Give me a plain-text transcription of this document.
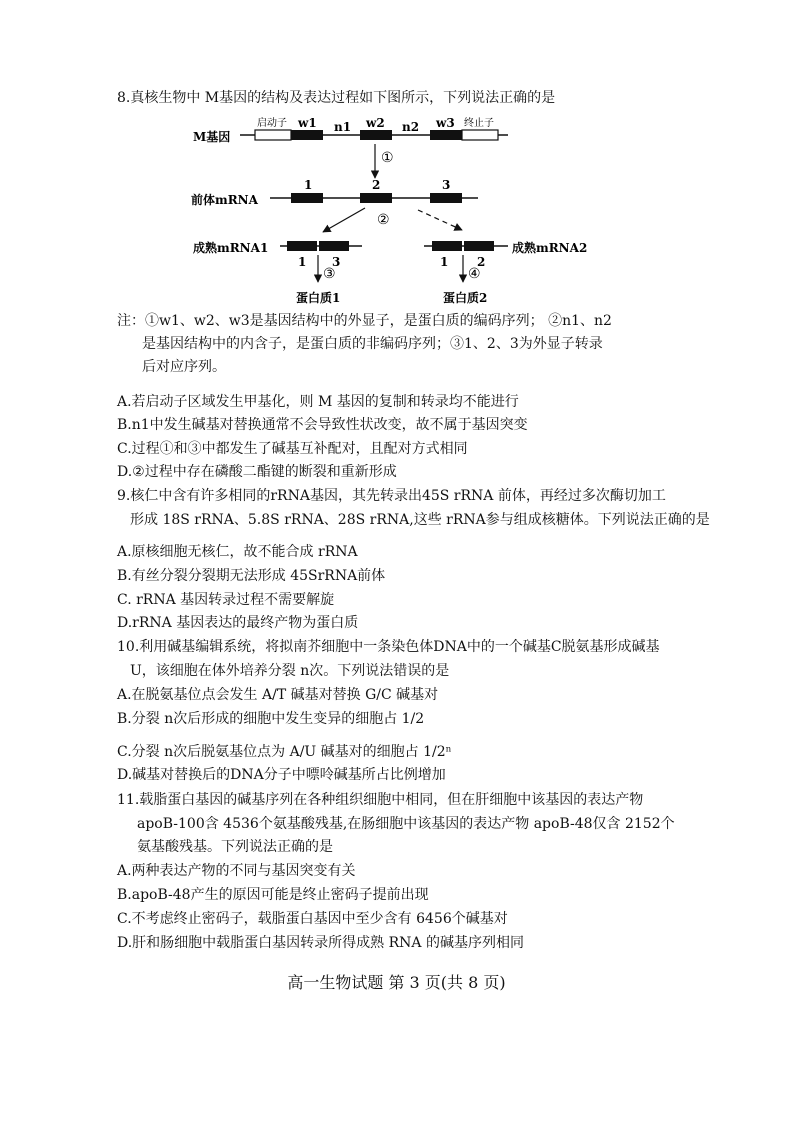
8.真核生物中 M基因的结构及表达过程如下图所示，下列说法正确的是
M基因
启动子 w1 n1 w2 n2 w3 终止子
①
前体mRNA
1	2	3
②
成熟mRNA1
1 3
成熟mRNA2
1 2
③	④
蛋白质1	蛋白质2
注：①w1、w2、w3是基因结构中的外显子，是蛋白质的编码序列； ②n1、n2
是基因结构中的内含子，是蛋白质的非编码序列；③1、2、3为外显子转录
后对应序列。
A.若启动子区域发生甲基化，则 M 基因的复制和转录均不能进行
B.n1中发生碱基对替换通常不会导致性状改变，故不属于基因突变
C.过程①和③中都发生了碱基互补配对，且配对方式相同
D.②过程中存在磷酸二酯键的断裂和重新形成
9.核仁中含有许多相同的rRNA基因，其先转录出45S rRNA 前体，再经过多次酶切加工
形成 18S rRNA、5.8S rRNA、28S rRNA,这些 rRNA参与组成核糖体。下列说法正确的是
A.原核细胞无核仁，故不能合成 rRNA
B.有丝分裂分裂期无法形成 45SrRNA前体
C. rRNA 基因转录过程不需要解旋
D.rRNA 基因表达的最终产物为蛋白质
10.利用碱基编辑系统，将拟南芥细胞中一条染色体DNA中的一个碱基C脱氨基形成碱基
U，该细胞在体外培养分裂 n次。下列说法错误的是
A.在脱氨基位点会发生 A/T 碱基对替换 G/C 碱基对
B.分裂 n次后形成的细胞中发生变异的细胞占 1/2
C.分裂 n次后脱氨基位点为 A/U 碱基对的细胞占 1/2ⁿ
D.碱基对替换后的DNA分子中嘌呤碱基所占比例增加
11.载脂蛋白基因的碱基序列在各种组织细胞中相同，但在肝细胞中该基因的表达产物
apoB-100含 4536个氨基酸残基,在肠细胞中该基因的表达产物 apoB-48仅含 2152个
氨基酸残基。下列说法正确的是
A.两种表达产物的不同与基因突变有关
B.apoB-48产生的原因可能是终止密码子提前出现
C.不考虑终止密码子，载脂蛋白基因中至少含有 6456个碱基对
D.肝和肠细胞中载脂蛋白基因转录所得成熟 RNA 的碱基序列相同
高一生物试题 第 3 页(共 8 页)
